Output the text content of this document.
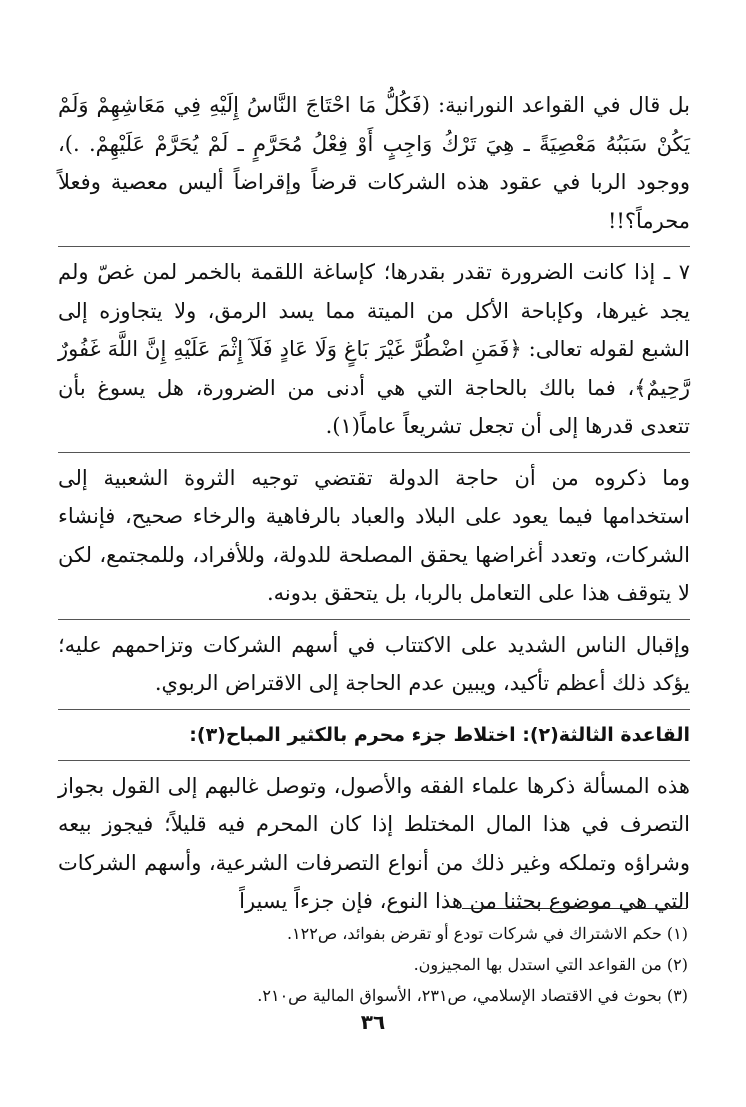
بل قال في القواعد النورانية: (فَكُلُّ مَا احْتَاجَ النَّاسُ إِلَيْهِ فِي مَعَاشِهِمْ وَلَمْ يَكُنْ سَبَبُهُ مَعْصِيَةً ـ هِيَ تَرْكُ وَاجِبٍ أَوْ فِعْلُ مُحَرَّمٍ ـ لَمْ يُحَرَّمْ عَلَيْهِمْ. .)، ووجود الربا في عقود هذه الشركات قرضاً وإقراضاً أليس معصية وفعلاً محرماً؟!!

٧ ـ إذا كانت الضرورة تقدر بقدرها؛ كإساغة اللقمة بالخمر لمن غصّ ولم يجد غيرها، وكإباحة الأكل من الميتة مما يسد الرمق، ولا يتجاوزه إلى الشبع لقوله تعالى: ﴿فَمَنِ اضْطُرَّ غَيْرَ بَاغٍ وَلَا عَادٍ فَلَآ إِثْمَ عَلَيْهِ إِنَّ اللَّهَ غَفُورٌ رَّحِيمٌ﴾، فما بالك بالحاجة التي هي أدنى من الضرورة، هل يسوغ بأن تتعدى قدرها إلى أن تجعل تشريعاً عاماً(١).

وما ذكروه من أن حاجة الدولة تقتضي توجيه الثروة الشعبية إلى استخدامها فيما يعود على البلاد والعباد بالرفاهية والرخاء صحيح، فإنشاء الشركات، وتعدد أغراضها يحقق المصلحة للدولة، وللأفراد، وللمجتمع، لكن لا يتوقف هذا على التعامل بالربا، بل يتحقق بدونه.

وإقبال الناس الشديد على الاكتتاب في أسهم الشركات وتزاحمهم عليه؛ يؤكد ذلك أعظم تأكيد، ويبين عدم الحاجة إلى الاقتراض الربوي.

القاعدة الثالثة(٢): اختلاط جزء محرم بالكثير المباح(٣):

هذه المسألة ذكرها علماء الفقه والأصول، وتوصل غالبهم إلى القول بجواز التصرف في هذا المال المختلط إذا كان المحرم فيه قليلاً؛ فيجوز بيعه وشراؤه وتملكه وغير ذلك من أنواع التصرفات الشرعية، وأسهم الشركات التي هي موضوع بحثنا من هذا النوع، فإن جزءاً يسيراً

(١) حكم الاشتراك في شركات تودع أو تقرض بفوائد، ص١٢٢.

(٢) من القواعد التي استدل بها المجيزون.

(٣) بحوث في الاقتصاد الإسلامي، ص٢٣١، الأسواق المالية ص٢١٠.

٣٦
